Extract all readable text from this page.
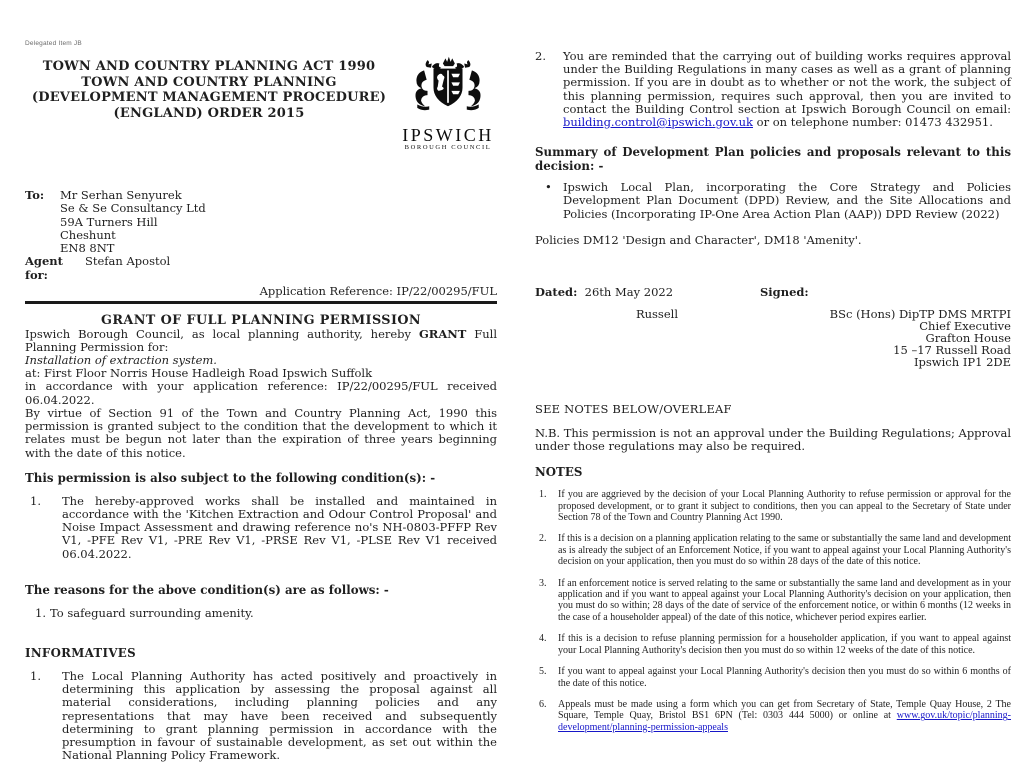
Delegated Item JB
TOWN AND COUNTRY PLANNING ACT 1990
TOWN AND COUNTRY PLANNING
(DEVELOPMENT MANAGEMENT PROCEDURE)
(ENGLAND) ORDER 2015
IPSWICH
BOROUGH COUNCIL
To:	Mr Serhan Senyurek
Se & Se Consultancy Ltd
59A Turners Hill
Cheshunt
EN8 8NT
Agent for:
Stefan Apostol
Application Reference: IP/22/00295/FUL
GRANT OF FULL PLANNING PERMISSION

Ipswich Borough Council, as local planning authority, hereby GRANT Full Planning Permission for:

Installation of extraction system.

at: First Floor Norris House Hadleigh Road Ipswich Suffolk

in accordance with your application reference: IP/22/00295/FUL received 06.04.2022.

By virtue of Section 91 of the Town and Country Planning Act, 1990 this permission is granted subject to the condition that the development to which it relates must be begun not later than the expiration of three years beginning with the date of this notice.

This permission is also subject to the following condition(s): -
1.	The hereby-approved works shall be installed and maintained in accordance with the 'Kitchen Extraction and Odour Control Proposal' and Noise Impact Assessment and drawing reference no's NH-0803-PFFP Rev V1, -PFE Rev V1, -PRE Rev V1, -PRSE Rev V1, -PLSE Rev V1 received 06.04.2022.
The reasons for the above condition(s) are as follows: -
1. To safeguard surrounding amenity.
INFORMATIVES
1.	The Local Planning Authority has acted positively and proactively in determining this application by assessing the proposal against all material considerations, including planning policies and any representations that may have been received and subsequently determining to grant planning permission in accordance with the presumption in favour of sustainable development, as set out within the National Planning Policy Framework.
2.	You are reminded that the carrying out of building works requires approval under the Building Regulations in many cases as well as a grant of planning permission. If you are in doubt as to whether or not the work, the subject of this planning permission, requires such approval, then you are invited to contact the Building Control section at Ipswich Borough Council on email: building.control@ipswich.gov.uk or on telephone number: 01473 432951.
Summary of Development Plan policies and proposals relevant to this decision: -
• Ipswich Local Plan, incorporating the Core Strategy and Policies Development Plan Document (DPD) Review, and the Site Allocations and Policies (Incorporating IP-One Area Action Plan (AAP)) DPD Review (2022)
Policies DM12 'Design and Character', DM18 'Amenity'.
Dated: 26th May 2022	Signed:
Russell	BSc (Hons) DipTP DMS MRTPI
Chief Executive
Grafton House
15 –17 Russell Road
Ipswich IP1 2DE
SEE NOTES BELOW/OVERLEAF
N.B. This permission is not an approval under the Building Regulations; Approval under those regulations may also be required.
NOTES
1.	If you are aggrieved by the decision of your Local Planning Authority to refuse permission or approval for the proposed development, or to grant it subject to conditions, then you can appeal to the Secretary of State under Section 78 of the Town and Country Planning Act 1990.
2.	If this is a decision on a planning application relating to the same or substantially the same land and development as is already the subject of an Enforcement Notice, if you want to appeal against your Local Planning Authority's decision on your application, then you must do so within 28 days of the date of this notice.
3.	If an enforcement notice is served relating to the same or substantially the same land and development as in your application and if you want to appeal against your Local Planning Authority's decision on your application, then you must do so within; 28 days of the date of service of the enforcement notice, or within 6 months (12 weeks in the case of a householder appeal) of the date of this notice, whichever period expires earlier.
4.	If this is a decision to refuse planning permission for a householder application, if you want to appeal against your Local Planning Authority's decision then you must do so within 12 weeks of the date of this notice.
5.	If you want to appeal against your Local Planning Authority's decision then you must do so within 6 months of the date of this notice.
6.	Appeals must be made using a form which you can get from Secretary of State, Temple Quay House, 2 The Square, Temple Quay, Bristol BS1 6PN (Tel: 0303 444 5000) or online at www.gov.uk/topic/planning-development/planning-permission-appeals
